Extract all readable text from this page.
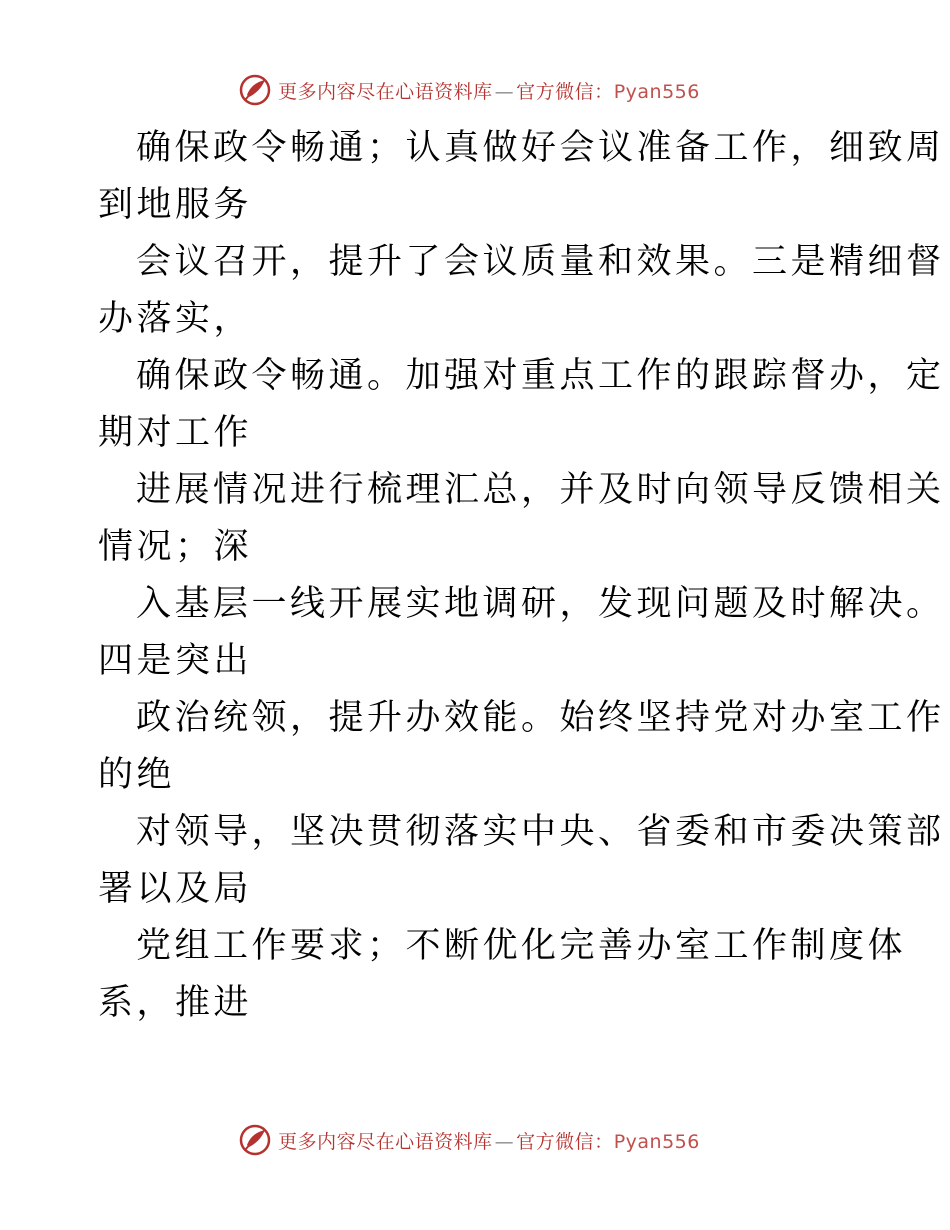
更多内容尽在心语资料库 — 官方微信：Pyan556

确保政令畅通；认真做好会议准备工作，细致周

到地服务

会议召开，提升了会议质量和效果。三是精细督

办落实，

确保政令畅通。加强对重点工作的跟踪督办，定

期对工作

进展情况进行梳理汇总，并及时向领导反馈相关

情况；深

入基层一线开展实地调研，发现问题及时解决。

四是突出

政治统领，提升办效能。始终坚持党对办室工作

的绝

对领导，坚决贯彻落实中央、省委和市委决策部

署以及局

党组工作要求；不断优化完善办室工作制度体

系，推进

更多内容尽在心语资料库 — 官方微信：Pyan556
